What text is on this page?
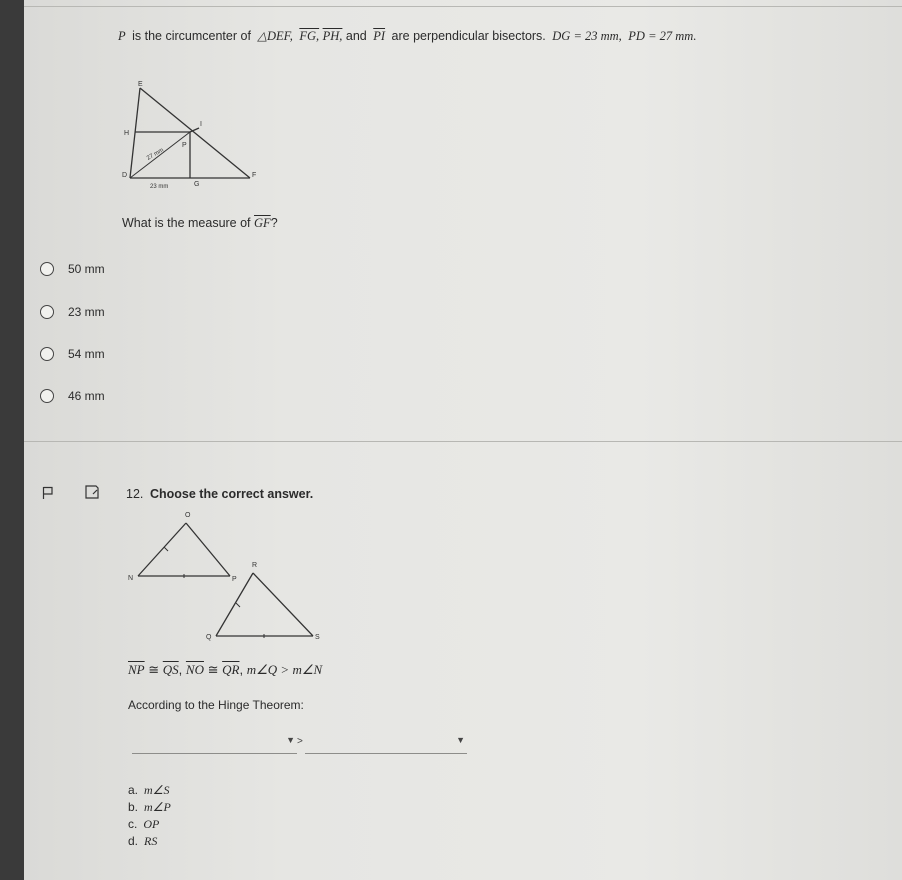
P is the circumcenter of △DEF, FG, PH, and $\overline{PI}$ are perpendicular bisectors. DG = 23 mm, PD = 27 mm.
E
H
I
P
D
G
F
27 mm
23 mm
What is the measure of $\overline{GF}$?
50 mm
23 mm
54 mm
46 mm
12. Choose the correct answer.
O
N	P
R
Q	S
$\overline{NP}$ ≅ $\overline{QS}$, $\overline{NO}$ ≅ $\overline{QR}$, m∠Q > m∠N
According to the Hinge Theorem:
▼ >	▼
a. m∠S
b. m∠P
c. OP
d. RS
